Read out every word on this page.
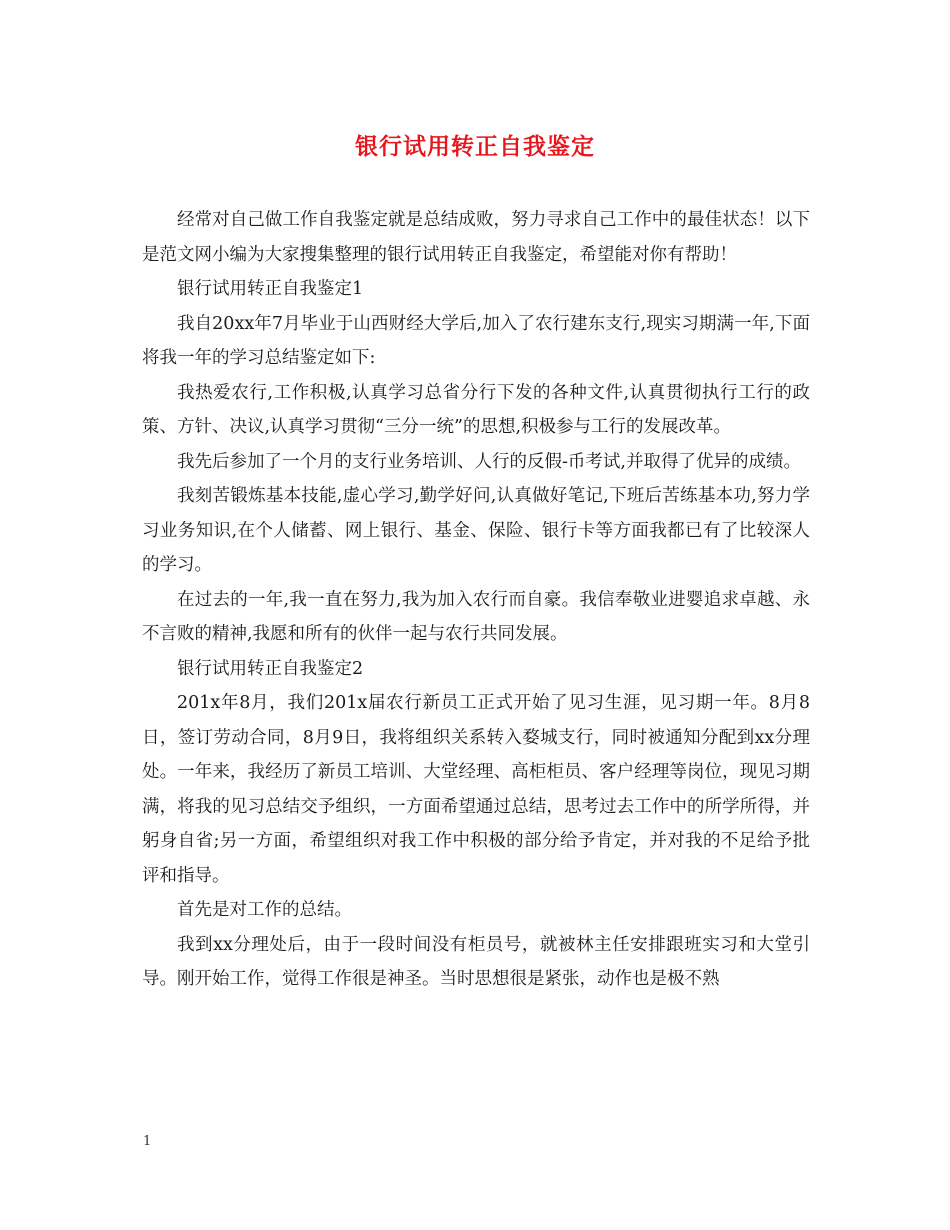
银行试用转正自我鉴定

经常对自己做工作自我鉴定就是总结成败，努力寻求自己工作中的最佳状态！以下是范文网小编为大家搜集整理的银行试用转正自我鉴定，希望能对你有帮助！

银行试用转正自我鉴定1

我自20xx年7月毕业于山西财经大学后,加入了农行建东支行,现实习期满一年,下面将我一年的学习总结鉴定如下:

我热爱农行,工作积极,认真学习总省分行下发的各种文件,认真贯彻执行工行的政策、方针、决议,认真学习贯彻“三分一统”的思想,积极参与工行的发展改革。

我先后参加了一个月的支行业务培训、人行的反假-币考试,并取得了优异的成绩。

我刻苦锻炼基本技能,虚心学习,勤学好问,认真做好笔记,下班后苦练基本功,努力学习业务知识,在个人储蓄、网上银行、基金、保险、银行卡等方面我都已有了比较深人的学习。

在过去的一年,我一直在努力,我为加入农行而自豪。我信奉敬业进婴追求卓越、永不言败的精神,我愿和所有的伙伴一起与农行共同发展。

银行试用转正自我鉴定2

201x年8月，我们201x届农行新员工正式开始了见习生涯，见习期一年。8月8日，签订劳动合同，8月9日，我将组织关系转入婺城支行，同时被通知分配到xx分理处。一年来，我经历了新员工培训、大堂经理、高柜柜员、客户经理等岗位，现见习期满，将我的见习总结交予组织，一方面希望通过总结，思考过去工作中的所学所得，并躬身自省;另一方面，希望组织对我工作中积极的部分给予肯定，并对我的不足给予批评和指导。

首先是对工作的总结。

我到xx分理处后，由于一段时间没有柜员号，就被林主任安排跟班实习和大堂引导。刚开始工作，觉得工作很是神圣。当时思想很是紧张，动作也是极不熟

1
